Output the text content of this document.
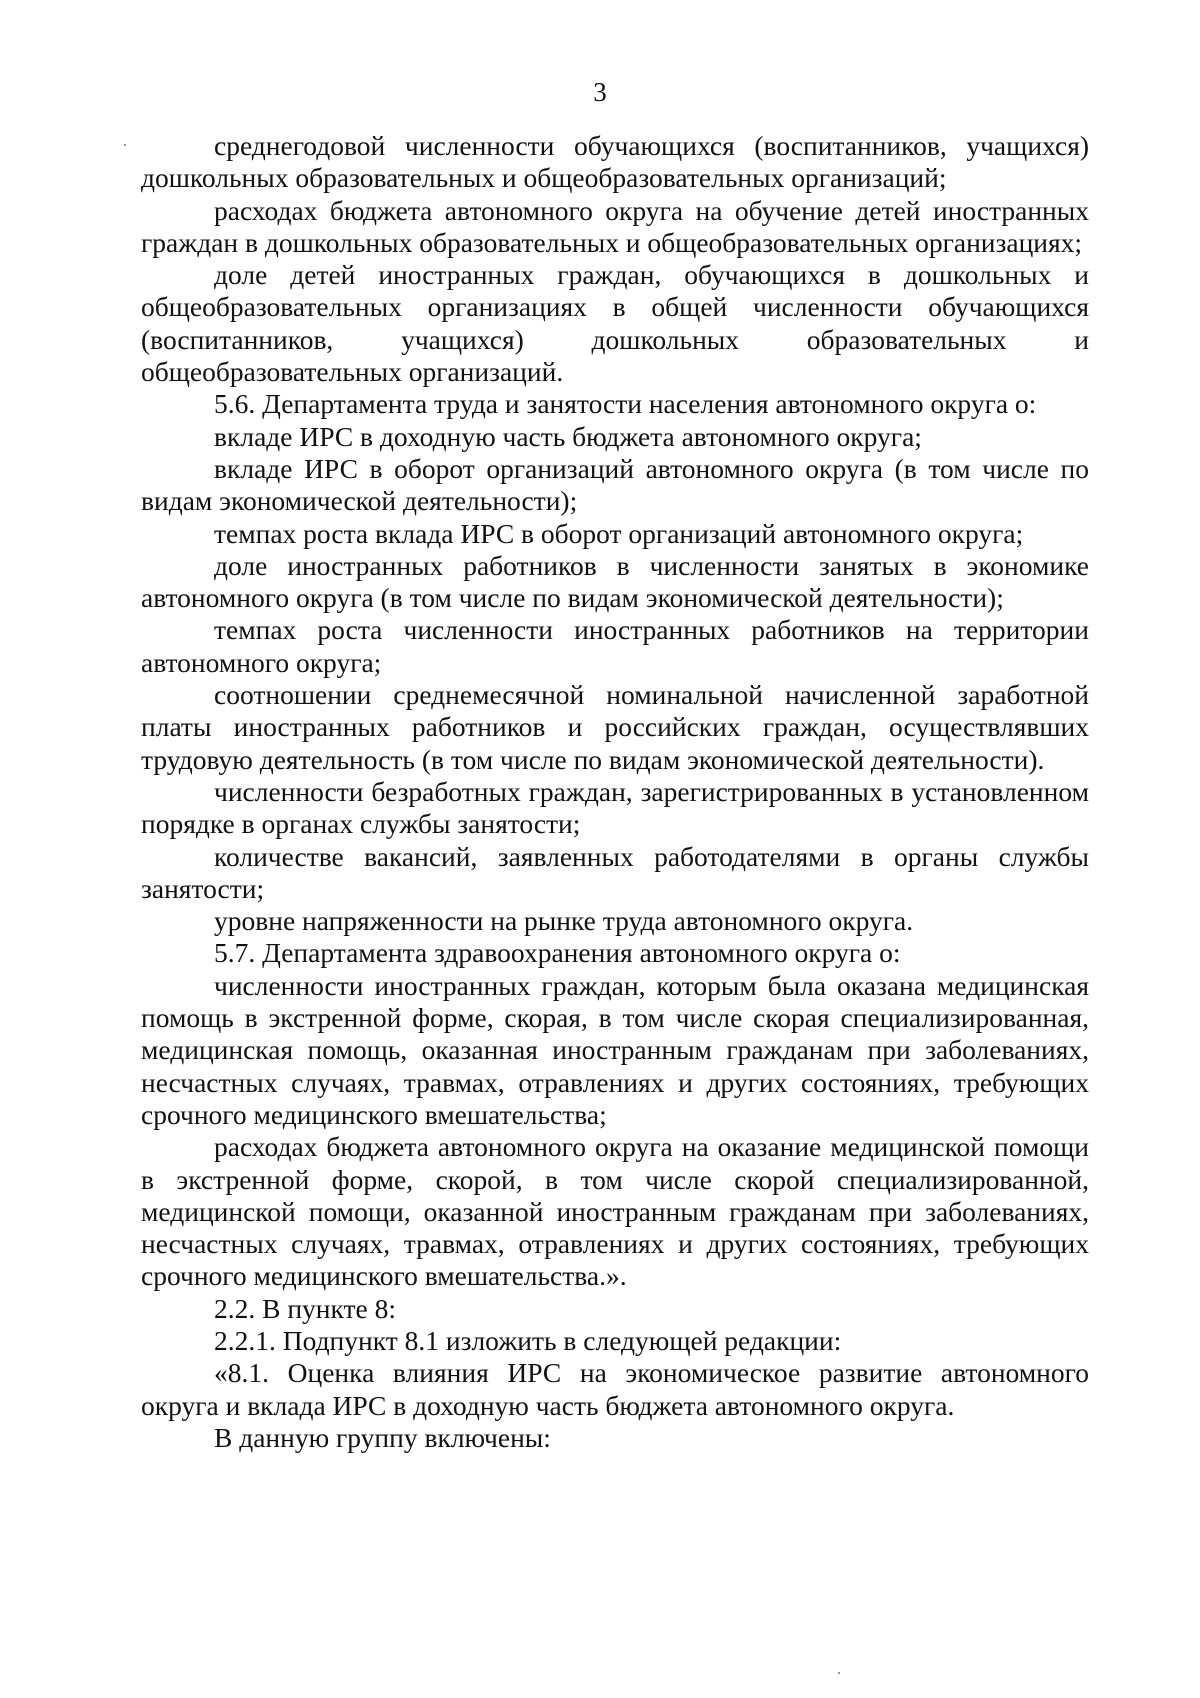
3

среднегодовой численности обучающихся (воспитанников, учащихся) дошкольных образовательных и общеобразовательных организаций;

расходах бюджета автономного округа на обучение детей иностранных граждан в дошкольных образовательных и общеобразовательных организациях;

доле детей иностранных граждан, обучающихся в дошкольных и общеобразовательных организациях в общей численности обучающихся (воспитанников, учащихся) дошкольных образовательных и общеобразовательных организаций.

5.6. Департамента труда и занятости населения автономного округа о:

вкладе ИРС в доходную часть бюджета автономного округа;

вкладе ИРС в оборот организаций автономного округа (в том числе по видам экономической деятельности);

темпах роста вклада ИРС в оборот организаций автономного округа;

доле иностранных работников в численности занятых в экономике автономного округа (в том числе по видам экономической деятельности);

темпах роста численности иностранных работников на территории автономного округа;

соотношении среднемесячной номинальной начисленной заработной платы иностранных работников и российских граждан, осуществлявших трудовую деятельность (в том числе по видам экономической деятельности).

численности безработных граждан, зарегистрированных в установленном порядке в органах службы занятости;

количестве вакансий, заявленных работодателями в органы службы занятости;

уровне напряженности на рынке труда автономного округа.

5.7. Департамента здравоохранения автономного округа о:

численности иностранных граждан, которым была оказана медицинская помощь в экстренной форме, скорая, в том числе скорая специализированная, медицинская помощь, оказанная иностранным гражданам при заболеваниях, несчастных случаях, травмах, отравлениях и других состояниях, требующих срочного медицинского вмешательства;

расходах бюджета автономного округа на оказание медицинской помощи в экстренной форме, скорой, в том числе скорой специализированной, медицинской помощи, оказанной иностранным гражданам при заболеваниях, несчастных случаях, травмах, отравлениях и других состояниях, требующих срочного медицинского вмешательства.».

2.2. В пункте 8:

2.2.1. Подпункт 8.1 изложить в следующей редакции:

«8.1. Оценка влияния ИРС на экономическое развитие автономного округа и вклада ИРС в доходную часть бюджета автономного округа.

В данную группу включены:
